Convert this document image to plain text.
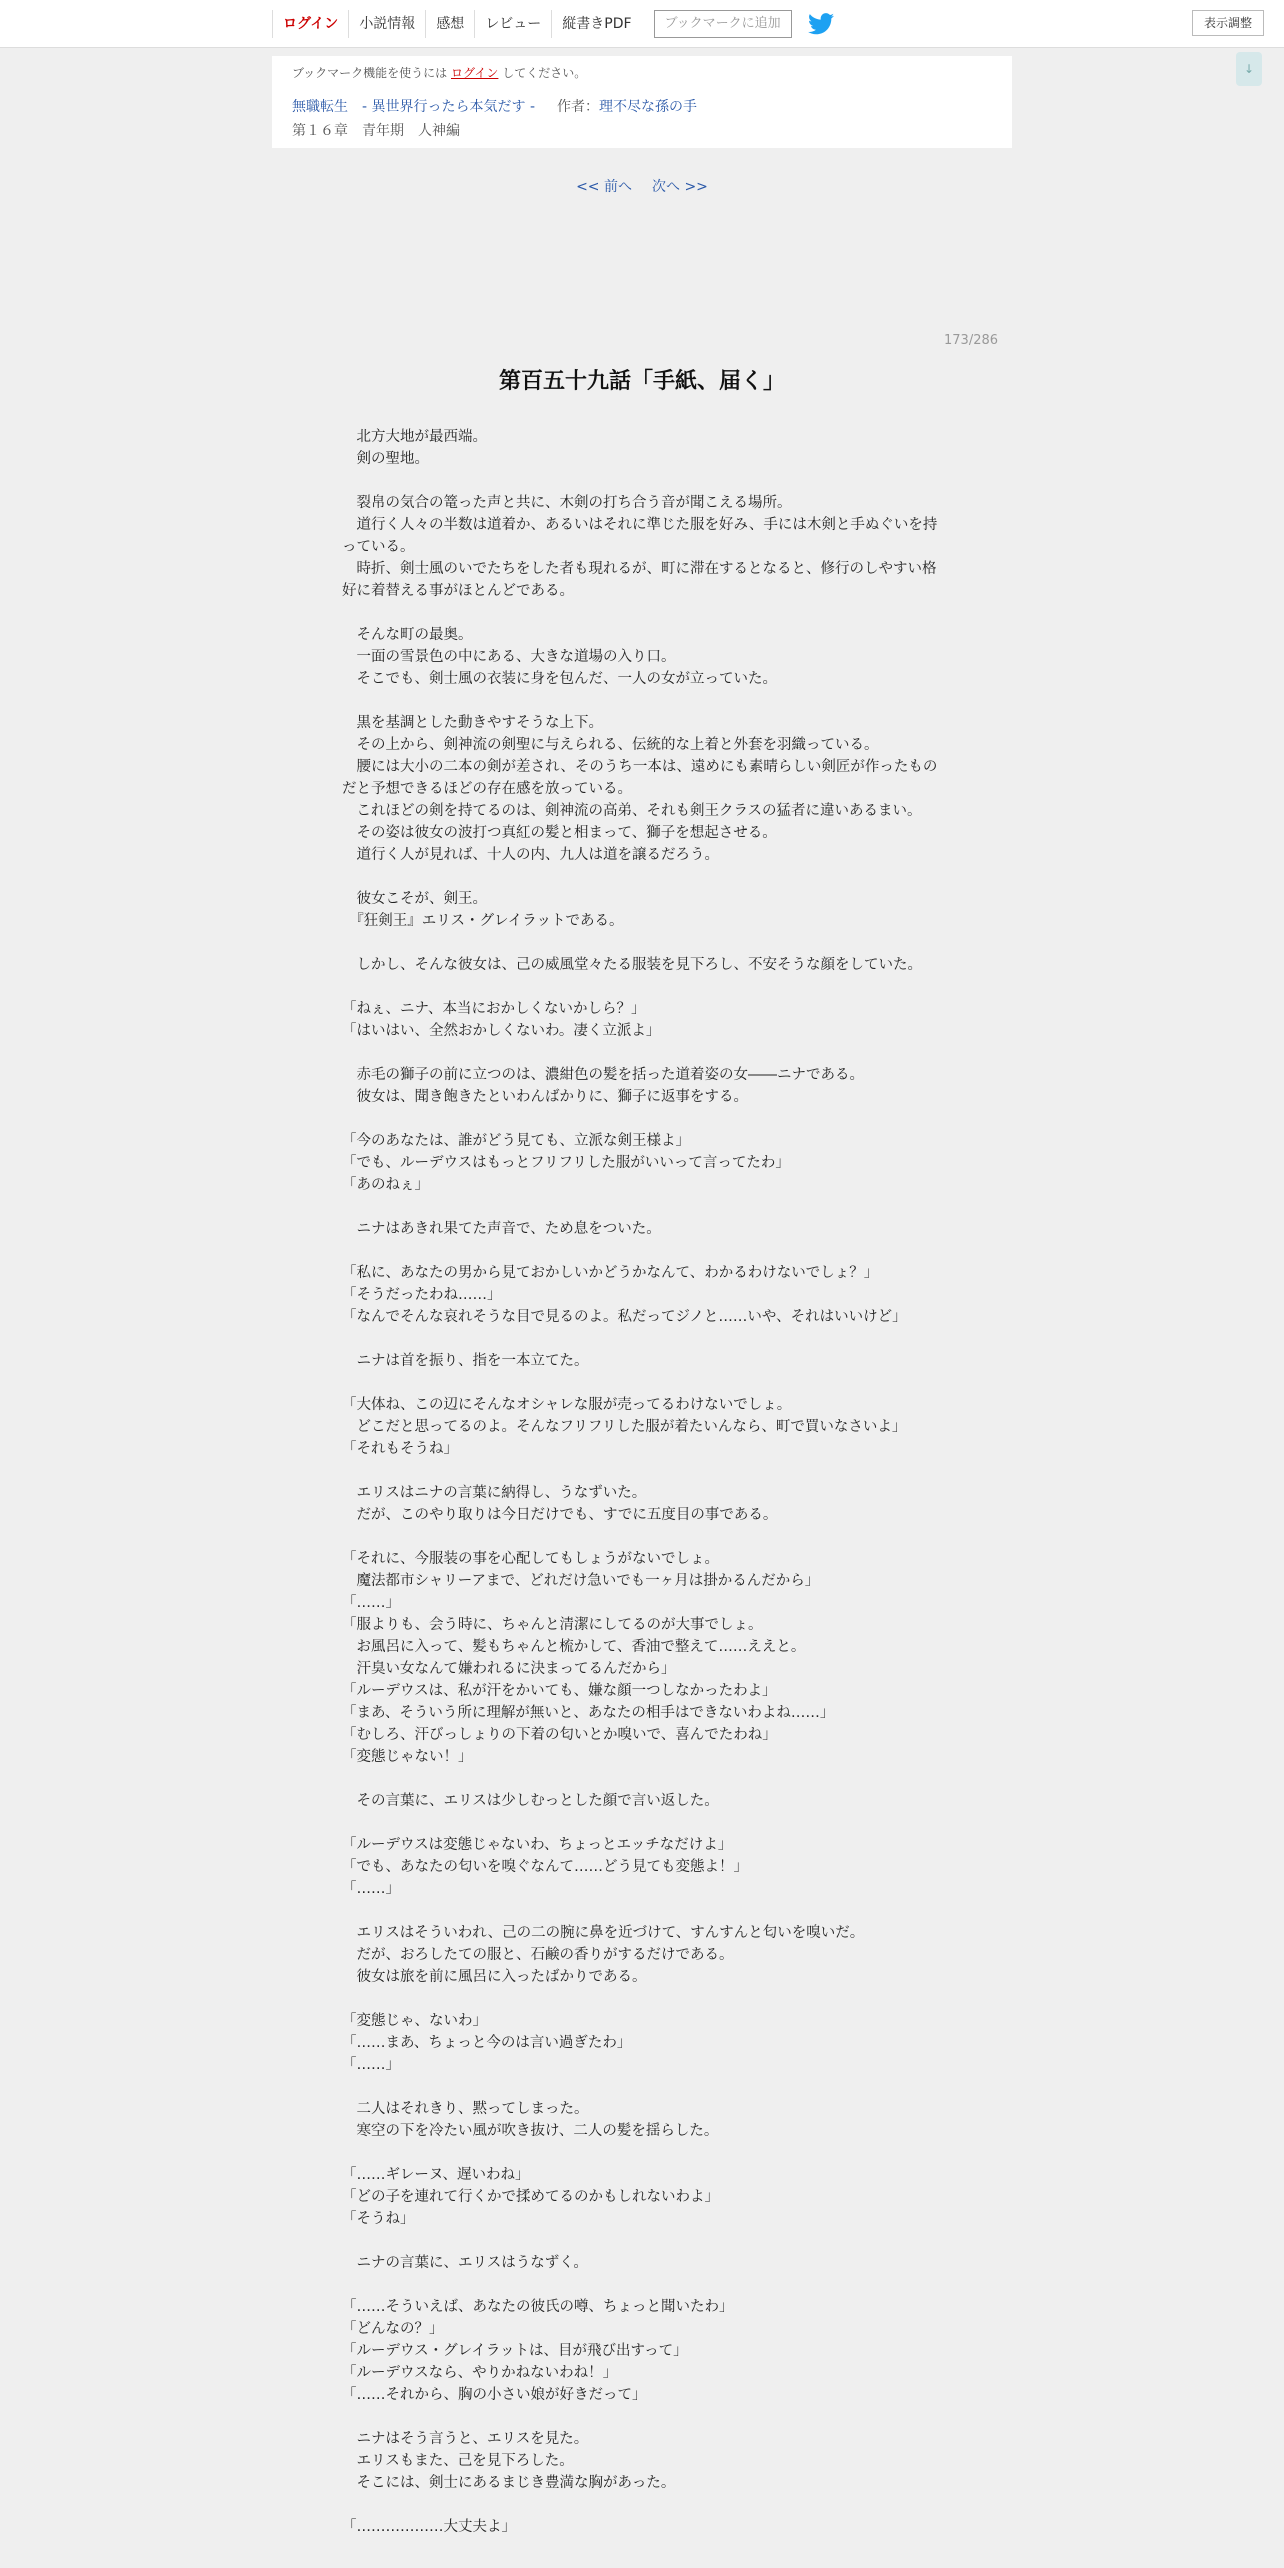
ログイン	小説情報	感想	レビュー	縦書きPDF	ブックマークに追加	表示調整
↓
ブックマーク機能を使うには ログイン してください。
無職転生　- 異世界行ったら本気だす - 作者：理不尽な孫の手
第１６章　青年期　人神編
<< 前へ 次へ >>
173/286
第百五十九話「手紙、届く」

　北方大地が最西端。

　剣の聖地。

　裂帛の気合の篭った声と共に、木剣の打ち合う音が聞こえる場所。

　道行く人々の半数は道着か、あるいはそれに準じた服を好み、手には木剣と手ぬぐいを持っている。

　時折、剣士風のいでたちをした者も現れるが、町に滞在するとなると、修行のしやすい格好に着替える事がほとんどである。

　そんな町の最奥。

　一面の雪景色の中にある、大きな道場の入り口。

　そこでも、剣士風の衣装に身を包んだ、一人の女が立っていた。

　黒を基調とした動きやすそうな上下。

　その上から、剣神流の剣聖に与えられる、伝統的な上着と外套を羽織っている。

　腰には大小の二本の剣が差され、そのうち一本は、遠めにも素晴らしい剣匠が作ったものだと予想できるほどの存在感を放っている。

　これほどの剣を持てるのは、剣神流の高弟、それも剣王クラスの猛者に違いあるまい。

　その姿は彼女の波打つ真紅の髪と相まって、獅子を想起させる。

　道行く人が見れば、十人の内、九人は道を譲るだろう。

　彼女こそが、剣王。

　『狂剣王』エリス・グレイラットである。

　しかし、そんな彼女は、己の威風堂々たる服装を見下ろし、不安そうな顔をしていた。

「ねぇ、ニナ、本当におかしくないかしら？」

「はいはい、全然おかしくないわ。凄く立派よ」

　赤毛の獅子の前に立つのは、濃紺色の髪を括った道着姿の女――ニナである。

　彼女は、聞き飽きたといわんばかりに、獅子に返事をする。

「今のあなたは、誰がどう見ても、立派な剣王様よ」

「でも、ルーデウスはもっとフリフリした服がいいって言ってたわ」

「あのねぇ」

　ニナはあきれ果てた声音で、ため息をついた。

「私に、あなたの男から見ておかしいかどうかなんて、わかるわけないでしょ？」

「そうだったわね……」

「なんでそんな哀れそうな目で見るのよ。私だってジノと……いや、それはいいけど」

　ニナは首を振り、指を一本立てた。

「大体ね、この辺にそんなオシャレな服が売ってるわけないでしょ。

　どこだと思ってるのよ。そんなフリフリした服が着たいんなら、町で買いなさいよ」

「それもそうね」

　エリスはニナの言葉に納得し、うなずいた。

　だが、このやり取りは今日だけでも、すでに五度目の事である。

「それに、今服装の事を心配してもしょうがないでしょ。

　魔法都市シャリーアまで、どれだけ急いでも一ヶ月は掛かるんだから」

「……」

「服よりも、会う時に、ちゃんと清潔にしてるのが大事でしょ。

　お風呂に入って、髪もちゃんと梳かして、香油で整えて……ええと。

　汗臭い女なんて嫌われるに決まってるんだから」

「ルーデウスは、私が汗をかいても、嫌な顔一つしなかったわよ」

「まあ、そういう所に理解が無いと、あなたの相手はできないわよね……」

「むしろ、汗びっしょりの下着の匂いとか嗅いで、喜んでたわね」

「変態じゃない！」

　その言葉に、エリスは少しむっとした顔で言い返した。

「ルーデウスは変態じゃないわ、ちょっとエッチなだけよ」

「でも、あなたの匂いを嗅ぐなんて……どう見ても変態よ！」

「……」

　エリスはそういわれ、己の二の腕に鼻を近づけて、すんすんと匂いを嗅いだ。

　だが、おろしたての服と、石鹸の香りがするだけである。

　彼女は旅を前に風呂に入ったばかりである。

「変態じゃ、ないわ」

「……まあ、ちょっと今のは言い過ぎたわ」

「……」

　二人はそれきり、黙ってしまった。

　寒空の下を冷たい風が吹き抜け、二人の髪を揺らした。

「……ギレーヌ、遅いわね」

「どの子を連れて行くかで揉めてるのかもしれないわよ」

「そうね」

　ニナの言葉に、エリスはうなずく。

「……そういえば、あなたの彼氏の噂、ちょっと聞いたわ」

「どんなの？」

「ルーデウス・グレイラットは、目が飛び出すって」

「ルーデウスなら、やりかねないわね！」

「……それから、胸の小さい娘が好きだって」

　ニナはそう言うと、エリスを見た。

　エリスもまた、己を見下ろした。

　そこには、剣士にあるまじき豊満な胸があった。

「………………大丈夫よ」
